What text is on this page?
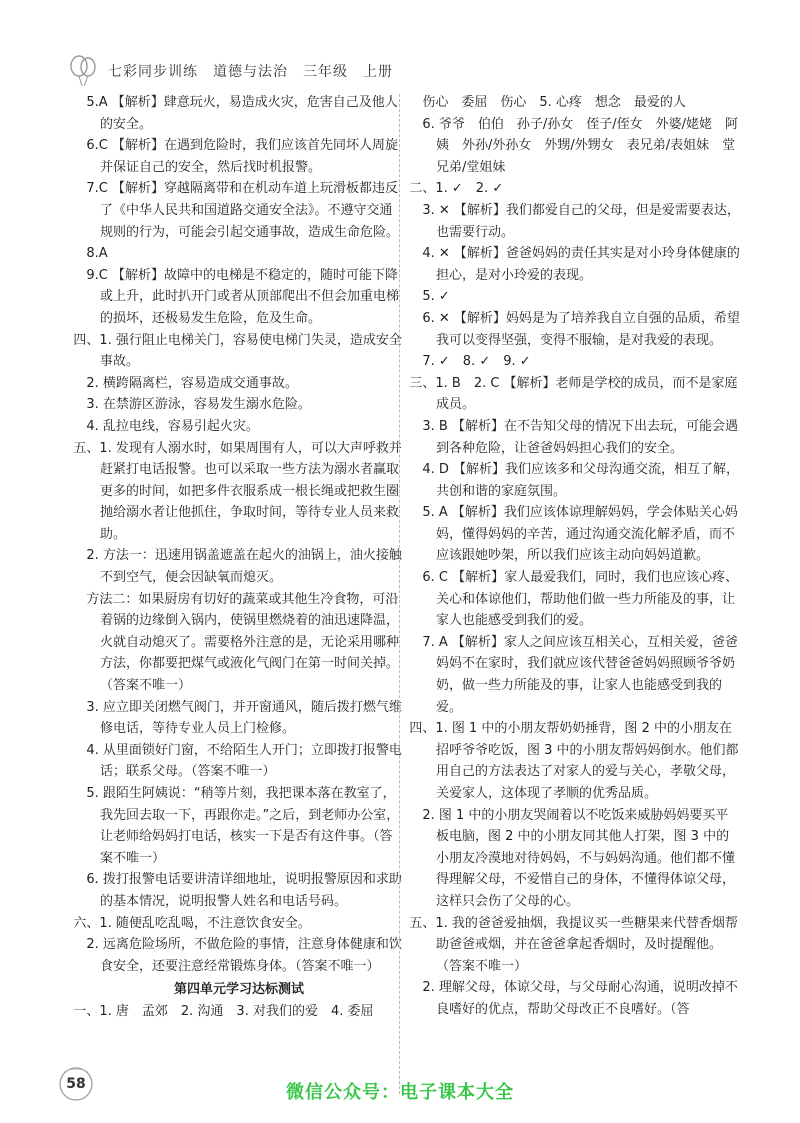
七彩同步训练　道德与法治　三年级　上册
5.A 【解析】肆意玩火，易造成火灾，危害自己及他人的安全。
6.C 【解析】在遇到危险时，我们应该首先同坏人周旋并保证自己的安全，然后找时机报警。
7.C 【解析】穿越隔离带和在机动车道上玩滑板都违反了《中华人民共和国道路交通安全法》。不遵守交通规则的行为，可能会引起交通事故，造成生命危险。
8.A
9.C 【解析】故障中的电梯是不稳定的，随时可能下降或上升，此时扒开门或者从顶部爬出不但会加重电梯的损坏，还极易发生危险，危及生命。
四、1. 强行阻止电梯关门，容易使电梯门失灵，造成安全事故。
2. 横跨隔离栏，容易造成交通事故。
3. 在禁游区游泳，容易发生溺水危险。
4. 乱拉电线，容易引起火灾。
五、1. 发现有人溺水时，如果周围有人，可以大声呼救并赶紧打电话报警。也可以采取一些方法为溺水者赢取更多的时间，如把多件衣服系成一根长绳或把救生圈抛给溺水者让他抓住，争取时间，等待专业人员来救助。
2. 方法一：迅速用锅盖遮盖在起火的油锅上，油火接触不到空气，便会因缺氧而熄灭。
方法二：如果厨房有切好的蔬菜或其他生冷食物，可沿着锅的边缘倒入锅内，使锅里燃烧着的油迅速降温，火就自动熄灭了。需要格外注意的是，无论采用哪种方法，你都要把煤气或液化气阀门在第一时间关掉。（答案不唯一）
3. 应立即关闭燃气阀门，并开窗通风，随后拨打燃气维修电话，等待专业人员上门检修。
4. 从里面锁好门窗，不给陌生人开门；立即拨打报警电话；联系父母。（答案不唯一）
5. 跟陌生阿姨说：“稍等片刻，我把课本落在教室了，我先回去取一下，再跟你走。”之后，到老师办公室，让老师给妈妈打电话，核实一下是否有这件事。（答案不唯一）
6. 拨打报警电话要讲清详细地址，说明报警原因和求助的基本情况，说明报警人姓名和电话号码。
六、1. 随便乱吃乱喝，不注意饮食安全。
2. 远离危险场所，不做危险的事情，注意身体健康和饮食安全，还要注意经常锻炼身体。（答案不唯一）
第四单元学习达标测试
一、1. 唐　孟郊　2. 沟通　3. 对我们的爱　4. 委屈
伤心　委屈　伤心　5. 心疼　想念　最爱的人
6. 爷爷　伯伯　孙子/孙女　侄子/侄女　外婆/姥姥　阿姨　外孙/外孙女　外甥/外甥女　表兄弟/表姐妹　堂兄弟/堂姐妹
二、1. ✓　2. ✓
3. ✕ 【解析】我们都爱自己的父母，但是爱需要表达，也需要行动。
4. ✕ 【解析】爸爸妈妈的责任其实是对小玲身体健康的担心，是对小玲爱的表现。
5. ✓
6. ✕ 【解析】妈妈是为了培养我自立自强的品质，希望我可以变得坚强，变得不服输，是对我爱的表现。
7. ✓　8. ✓　9. ✓
三、1. B　2. C 【解析】老师是学校的成员，而不是家庭成员。
3. B 【解析】在不告知父母的情况下出去玩，可能会遇到各种危险，让爸爸妈妈担心我们的安全。
4. D 【解析】我们应该多和父母沟通交流，相互了解，共创和谐的家庭氛围。
5. A 【解析】我们应该体谅理解妈妈，学会体贴关心妈妈，懂得妈妈的辛苦，通过沟通交流化解矛盾，而不应该跟她吵架，所以我们应该主动向妈妈道歉。
6. C 【解析】家人最爱我们，同时，我们也应该心疼、关心和体谅他们，帮助他们做一些力所能及的事，让家人也能感受到我们的爱。
7. A 【解析】家人之间应该互相关心，互相关爱，爸爸妈妈不在家时，我们就应该代替爸爸妈妈照顾爷爷奶奶，做一些力所能及的事，让家人也能感受到我的爱。
四、1. 图 1 中的小朋友帮奶奶捶背，图 2 中的小朋友在招呼爷爷吃饭，图 3 中的小朋友帮妈妈倒水。他们都用自己的方法表达了对家人的爱与关心，孝敬父母，关爱家人，这体现了孝顺的优秀品质。
2. 图 1 中的小朋友哭闹着以不吃饭来威胁妈妈要买平板电脑，图 2 中的小朋友同其他人打架，图 3 中的小朋友冷漠地对待妈妈，不与妈妈沟通。他们都不懂得理解父母，不爱惜自己的身体，不懂得体谅父母，这样只会伤了父母的心。
五、1. 我的爸爸爱抽烟，我提议买一些糖果来代替香烟帮助爸爸戒烟，并在爸爸拿起香烟时，及时提醒他。（答案不唯一）
2. 理解父母，体谅父母，与父母耐心沟通，说明改掉不良嗜好的优点，帮助父母改正不良嗜好。（答
58	微信公众号：电子课本大全
